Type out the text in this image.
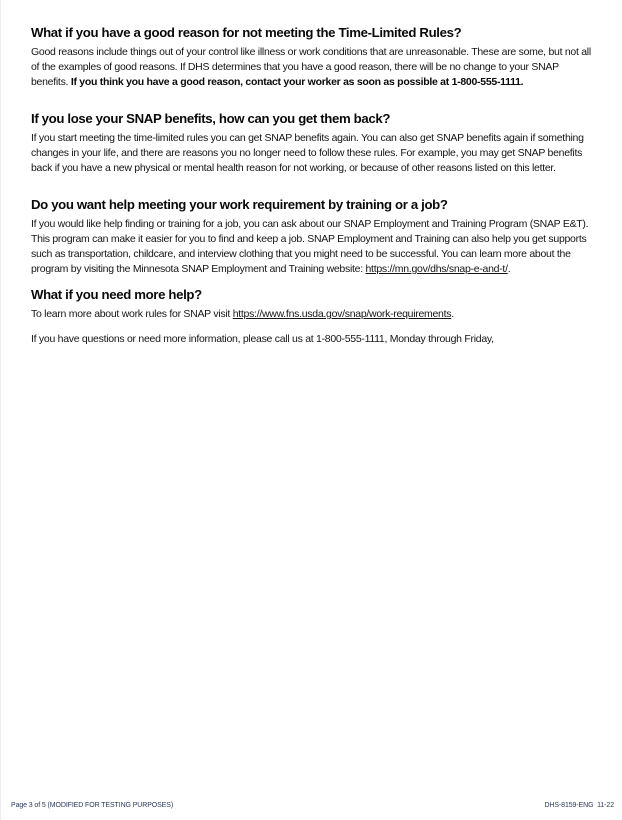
What if you have a good reason for not meeting the Time-Limited Rules?

Good reasons include things out of your control like illness or work conditions that are unreasonable. These are some, but not all of the examples of good reasons. If DHS determines that you have a good reason, there will be no change to your SNAP benefits. If you think you have a good reason, contact your worker as soon as possible at 1-800-555-1111.

If you lose your SNAP benefits, how can you get them back?

If you start meeting the time-limited rules you can get SNAP benefits again. You can also get SNAP benefits again if something changes in your life, and there are reasons you no longer need to follow these rules. For example, you may get SNAP benefits back if you have a new physical or mental health reason for not working, or because of other reasons listed on this letter.

Do you want help meeting your work requirement by training or a job?

If you would like help finding or training for a job, you can ask about our SNAP Employment and Training Program (SNAP E&T). This program can make it easier for you to find and keep a job. SNAP Employment and Training can also help you get supports such as transportation, childcare, and interview clothing that you might need to be successful. You can learn more about the program by visiting the Minnesota SNAP Employment and Training website: https://mn.gov/dhs/snap-e-and-t/.

What if you need more help?

To learn more about work rules for SNAP visit https://www.fns.usda.gov/snap/work-requirements.

If you have questions or need more information, please call us at 1-800-555-1111, Monday through Friday,

Page 3 of 5 (MODIFIED FOR TESTING PURPOSES)	DHS-8159-ENG  11-22
